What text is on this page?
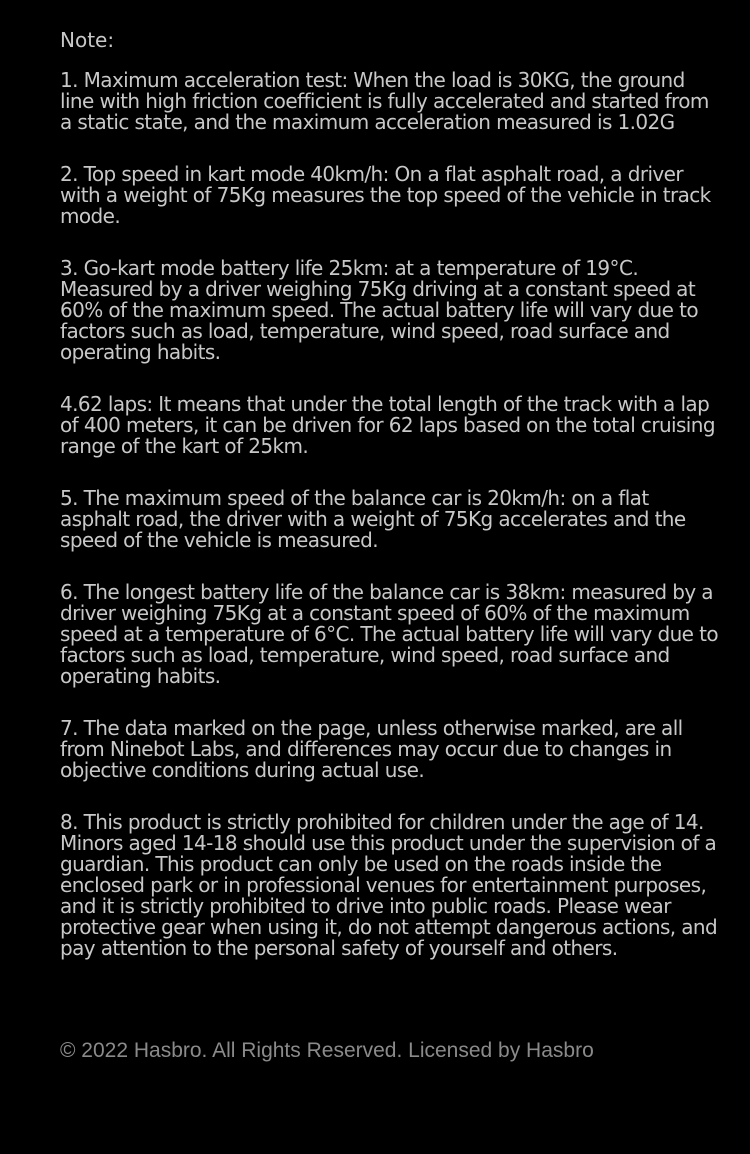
Note:

1. Maximum acceleration test: When the load is 30KG, the ground line with high friction coefficient is fully accelerated and started from a static state, and the maximum acceleration measured is 1.02G

2. Top speed in kart mode 40km/h: On a flat asphalt road, a driver with a weight of 75Kg measures the top speed of the vehicle in track mode.

3. Go-kart mode battery life 25km: at a temperature of 19°C. Measured by a driver weighing 75Kg driving at a constant speed at 60% of the maximum speed. The actual battery life will vary due to factors such as load, temperature, wind speed, road surface and operating habits.

4.62 laps: It means that under the total length of the track with a lap of 400 meters, it can be driven for 62 laps based on the total cruising range of the kart of 25km.

5. The maximum speed of the balance car is 20km/h: on a flat asphalt road, the driver with a weight of 75Kg accelerates and the speed of the vehicle is measured.

6. The longest battery life of the balance car is 38km: measured by a driver weighing 75Kg at a constant speed of 60% of the maximum speed at a temperature of 6°C. The actual battery life will vary due to factors such as load, temperature, wind speed, road surface and operating habits.

7. The data marked on the page, unless otherwise marked, are all from Ninebot Labs, and differences may occur due to changes in objective conditions during actual use.

8. This product is strictly prohibited for children under the age of 14. Minors aged 14-18 should use this product under the supervision of a guardian. This product can only be used on the roads inside the enclosed park or in professional venues for entertainment purposes, and it is strictly prohibited to drive into public roads. Please wear protective gear when using it, do not attempt dangerous actions, and pay attention to the personal safety of yourself and others.

© 2022 Hasbro. All Rights Reserved. Licensed by Hasbro
